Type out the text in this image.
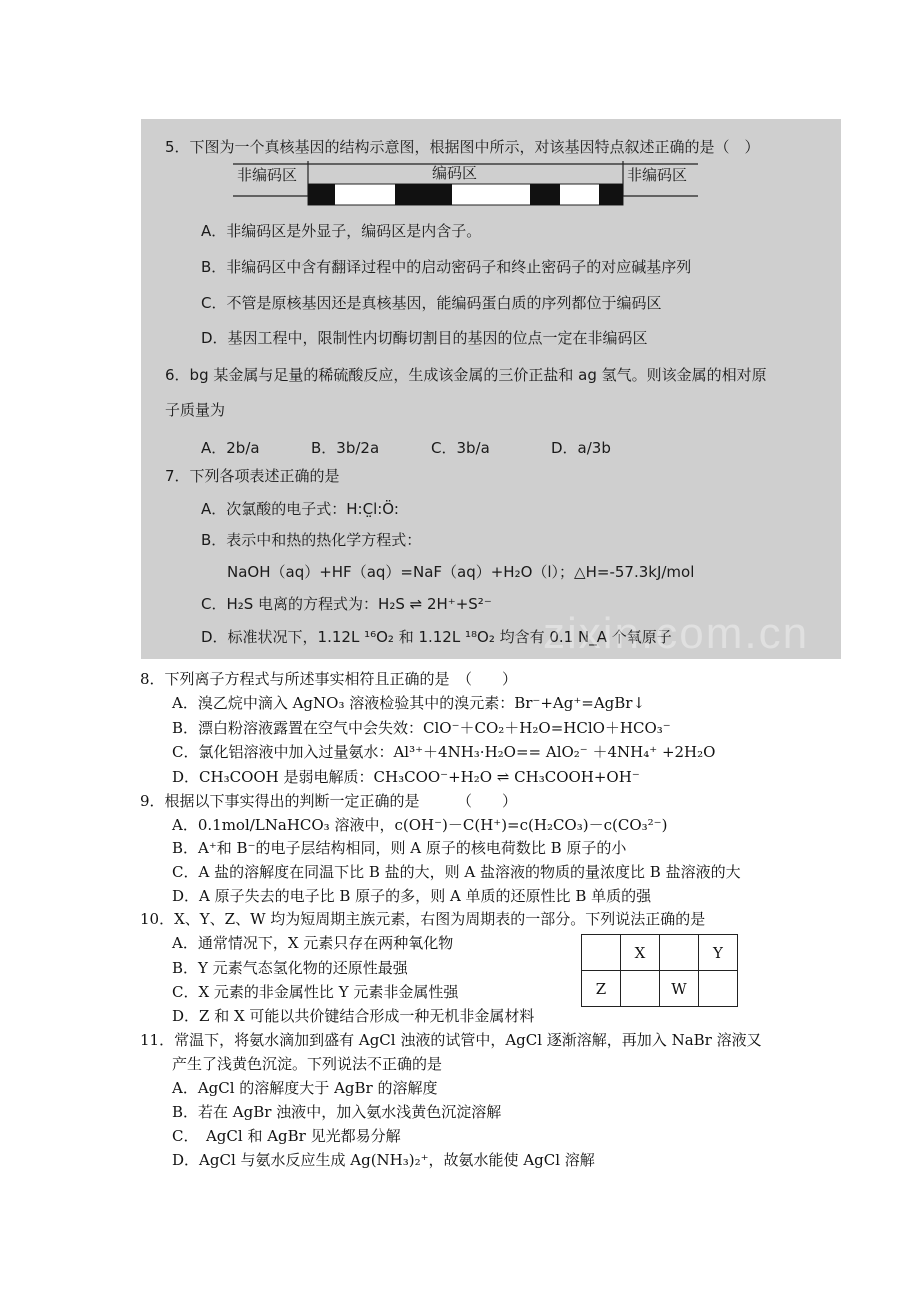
5．下图为一个真核基因的结构示意图，根据图中所示，对该基因特点叙述正确的是（　）
非编码区	编码区	非编码区
A．非编码区是外显子，编码区是内含子。
B．非编码区中含有翻译过程中的启动密码子和终止密码子的对应碱基序列
C．不管是原核基因还是真核基因，能编码蛋白质的序列都位于编码区
D．基因工程中，限制性内切酶切割目的基因的位点一定在非编码区
6．bg 某金属与足量的稀硫酸反应，生成该金属的三价正盐和 ag 氢气。则该金属的相对原
子质量为
A．2b/a	B．3b/2a	C．3b/a	D．a/3b
7．下列各项表述正确的是
A．次氯酸的电子式：H:C̤l:Ö:
B．表示中和热的热化学方程式：
NaOH（aq）+HF（aq）=NaF（aq）+H₂O（l）；△H=-57.3kJ/mol
C．H₂S 电离的方程式为：H₂S ⇌ 2H⁺+S²⁻
D．标准状况下，1.12L ¹⁶O₂ 和 1.12L ¹⁸O₂ 均含有 0.1 N_A 个氧原子
zixin.com.cn
8．下列离子方程式与所述事实相符且正确的是　（　　）
A．溴乙烷中滴入 AgNO₃ 溶液检验其中的溴元素：Br⁻+Ag⁺=AgBr↓
B．漂白粉溶液露置在空气中会失效：ClO⁻＋CO₂＋H₂O=HClO＋HCO₃⁻
C．氯化铝溶液中加入过量氨水：Al³⁺＋4NH₃·H₂O== AlO₂⁻ ＋4NH₄⁺ +2H₂O
D．CH₃COOH 是弱电解质：CH₃COO⁻+H₂O ⇌ CH₃COOH+OH⁻
9．根据以下事实得出的判断一定正确的是　　　（　　）
A．0.1mol/LNaHCO₃ 溶液中，c(OH⁻)－C(H⁺)=c(H₂CO₃)－c(CO₃²⁻)
B．A⁺和 B⁻的电子层结构相同，则 A 原子的核电荷数比 B 原子的小
C．A 盐的溶解度在同温下比 B 盐的大，则 A 盐溶液的物质的量浓度比 B 盐溶液的大
D．A 原子失去的电子比 B 原子的多，则 A 单质的还原性比 B 单质的强
10．X、Y、Z、W 均为短周期主族元素，右图为周期表的一部分。下列说法正确的是
A．通常情况下，X 元素只存在两种氧化物
B．Y 元素气态氢化物的还原性最强
C．X 元素的非金属性比 Y 元素非金属性强
D．Z 和 X 可能以共价键结合形成一种无机非金属材料
	X		Y
Z		W	
11．常温下，将氨水滴加到盛有 AgCl 浊液的试管中，AgCl 逐渐溶解，再加入 NaBr 溶液又
产生了浅黄色沉淀。下列说法不正确的是
A．AgCl 的溶解度大于 AgBr 的溶解度
B．若在 AgBr 浊液中，加入氨水浅黄色沉淀溶解
C．　AgCl 和 AgBr 见光都易分解
D．AgCl 与氨水反应生成 Ag(NH₃)₂⁺，故氨水能使 AgCl 溶解
